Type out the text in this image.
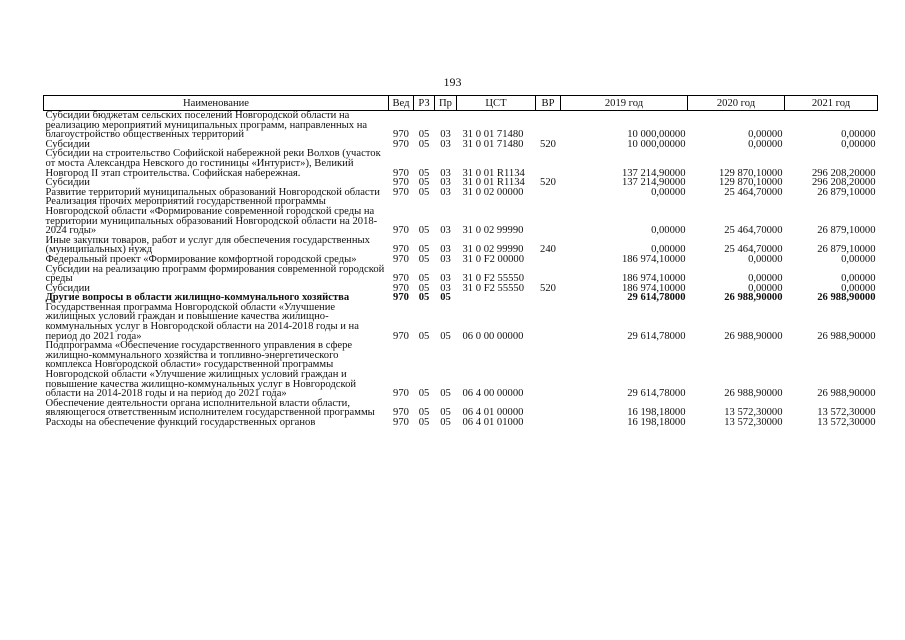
193
Наименование	Вед	РЗ	Пр	ЦСТ	ВР	2019 год	2020 год	2021 год
Субсидии бюджетам сельских поселений Новгородской области на реализацию мероприятий муниципальных программ, направленных на благоустройство общественных территорий	970	05	03	31 0 01 71480		10 000,00000	0,00000	0,00000
Субсидии	970	05	03	31 0 01 71480	520	10 000,00000	0,00000	0,00000
Субсидии на строительство Софийской набережной реки Волхов (участок от моста Александра Невского до гостиницы «Интурист»), Великий Новгород II этап строительства. Софийская набережная.	970	05	03	31 0 01 R1134		137 214,90000	129 870,10000	296 208,20000
Субсидии	970	05	03	31 0 01 R1134	520	137 214,90000	129 870,10000	296 208,20000
Развитие территорий муниципальных образований Новгородской области	970	05	03	31 0 02 00000		0,00000	25 464,70000	26 879,10000
Реализация прочих мероприятий государственной программы Новгородской области «Формирование современной городской среды на территории муниципальных образований Новгородской области на 2018-2024 годы»	970	05	03	31 0 02 99990		0,00000	25 464,70000	26 879,10000
Иные закупки товаров, работ и услуг для обеспечения государственных (муниципальных) нужд	970	05	03	31 0 02 99990	240	0,00000	25 464,70000	26 879,10000
Федеральный проект «Формирование комфортной городской среды»	970	05	03	31 0 F2 00000		186 974,10000	0,00000	0,00000
Субсидии на реализацию программ формирования современной городской среды	970	05	03	31 0 F2 55550		186 974,10000	0,00000	0,00000
Субсидии	970	05	03	31 0 F2 55550	520	186 974,10000	0,00000	0,00000
Другие вопросы в области жилищно-коммунального хозяйства	970	05	05			29 614,78000	26 988,90000	26 988,90000
Государственная программа Новгородской области «Улучшение жилищных условий граждан и повышение качества жилищно-коммунальных услуг в Новгородской области на 2014-2018 годы и на период до 2021 года»	970	05	05	06 0 00 00000		29 614,78000	26 988,90000	26 988,90000
Подпрограмма «Обеспечение государственного управления в сфере жилищно-коммунального хозяйства и топливно-энергетического комплекса Новгородской области» государственной программы Новгородской области «Улучшение жилищных условий граждан и повышение качества жилищно-коммунальных услуг в Новгородской области на 2014-2018 годы и на период до 2021 года»	970	05	05	06 4 00 00000		29 614,78000	26 988,90000	26 988,90000
Обеспечение деятельности органа исполнительной власти области, являющегося ответственным исполнителем государственной программы	970	05	05	06 4 01 00000		16 198,18000	13 572,30000	13 572,30000
Расходы на обеспечение функций государственных органов	970	05	05	06 4 01 01000		16 198,18000	13 572,30000	13 572,30000
